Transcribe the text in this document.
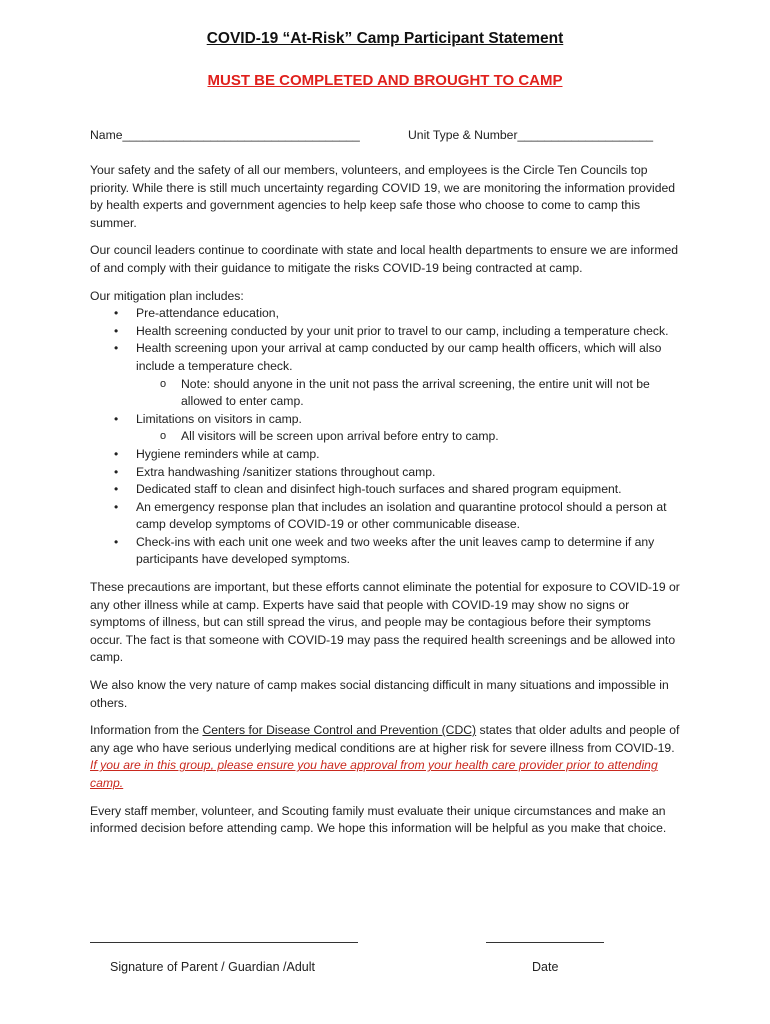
COVID-19 “At-Risk” Camp Participant Statement
MUST BE COMPLETED AND BROUGHT TO CAMP
Name___________________________________	Unit Type & Number____________________

Your safety and the safety of all our members, volunteers, and employees is the Circle Ten Councils top priority. While there is still much uncertainty regarding COVID 19, we are monitoring the information provided by health experts and government agencies to help keep safe those who choose to come to camp this summer.

Our council leaders continue to coordinate with state and local health departments to ensure we are informed of and comply with their guidance to mitigate the risks COVID-19 being contracted at camp.

Our mitigation plan includes:
• Pre-attendance education,
• Health screening conducted by your unit prior to travel to our camp, including a temperature check.
• Health screening upon your arrival at camp conducted by our camp health officers, which will also include a temperature check.
o Note: should anyone in the unit not pass the arrival screening, the entire unit will not be allowed to enter camp.
• Limitations on visitors in camp.
o All visitors will be screen upon arrival before entry to camp.
• Hygiene reminders while at camp.
• Extra handwashing /sanitizer stations throughout camp.
• Dedicated staff to clean and disinfect high-touch surfaces and shared program equipment.
• An emergency response plan that includes an isolation and quarantine protocol should a person at camp develop symptoms of COVID-19 or other communicable disease.
• Check-ins with each unit one week and two weeks after the unit leaves camp to determine if any participants have developed symptoms.

These precautions are important, but these efforts cannot eliminate the potential for exposure to COVID-19 or any other illness while at camp. Experts have said that people with COVID-19 may show no signs or symptoms of illness, but can still spread the virus, and people may be contagious before their symptoms occur. The fact is that someone with COVID-19 may pass the required health screenings and be allowed into camp.

We also know the very nature of camp makes social distancing difficult in many situations and impossible in others.

Information from the Centers for Disease Control and Prevention (CDC) states that older adults and people of any age who have serious underlying medical conditions are at higher risk for severe illness from COVID-19. If you are in this group, please ensure you have approval from your health care provider prior to attending camp.

Every staff member, volunteer, and Scouting family must evaluate their unique circumstances and make an informed decision before attending camp. We hope this information will be helpful as you make that choice.

Signature of Parent / Guardian /Adult	Date
